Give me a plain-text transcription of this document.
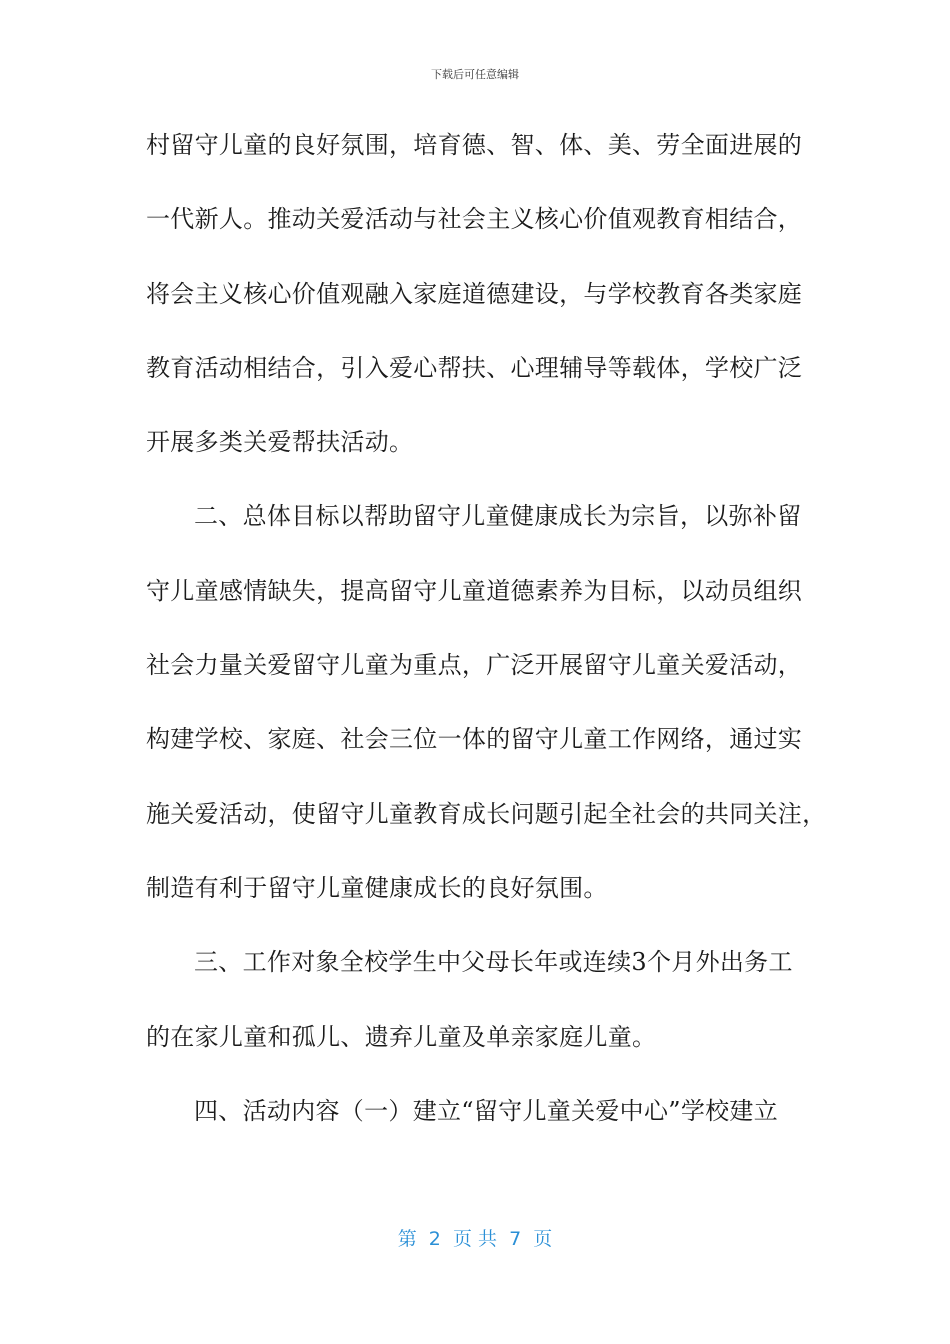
下载后可任意编辑
村留守儿童的良好氛围，培育德、智、体、美、劳全面进展的
一代新人。推动关爱活动与社会主义核心价值观教育相结合，
将会主义核心价值观融入家庭道德建设，与学校教育各类家庭
教育活动相结合，引入爱心帮扶、心理辅导等载体，学校广泛
开展多类关爱帮扶活动。
二、总体目标以帮助留守儿童健康成长为宗旨，以弥补留
守儿童感情缺失，提高留守儿童道德素养为目标，以动员组织
社会力量关爱留守儿童为重点，广泛开展留守儿童关爱活动，
构建学校、家庭、社会三位一体的留守儿童工作网络，通过实
施关爱活动，使留守儿童教育成长问题引起全社会的共同关注，
制造有利于留守儿童健康成长的良好氛围。
三、工作对象全校学生中父母长年或连续3个月外出务工
的在家儿童和孤儿、遗弃儿童及单亲家庭儿童。
四、活动内容（一）建立“留守儿童关爱中心”学校建立
第  2  页 共  7  页
